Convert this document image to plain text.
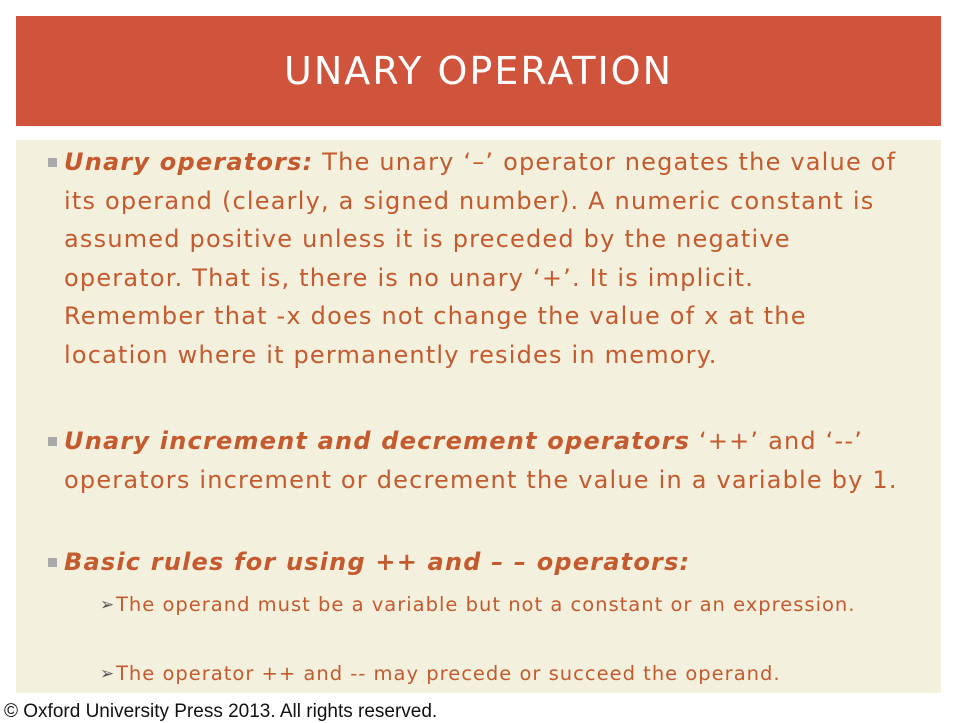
UNARY OPERATION
Unary operators: The unary ‘–’ operator negates the value of its operand (clearly, a signed number). A numeric constant is assumed positive unless it is preceded by the negative operator. That is, there is no unary ‘+’. It is implicit. Remember that -x does not change the value of x at the location where it permanently resides in memory.
Unary increment and decrement operators ‘++’ and ‘--’ operators increment or decrement the value in a variable by 1.
Basic rules for using ++ and – – operators:
➢ The operand must be a variable but not a constant or an expression.
➢ The operator ++ and -- may precede or succeed the operand.
© Oxford University Press 2013. All rights reserved.
